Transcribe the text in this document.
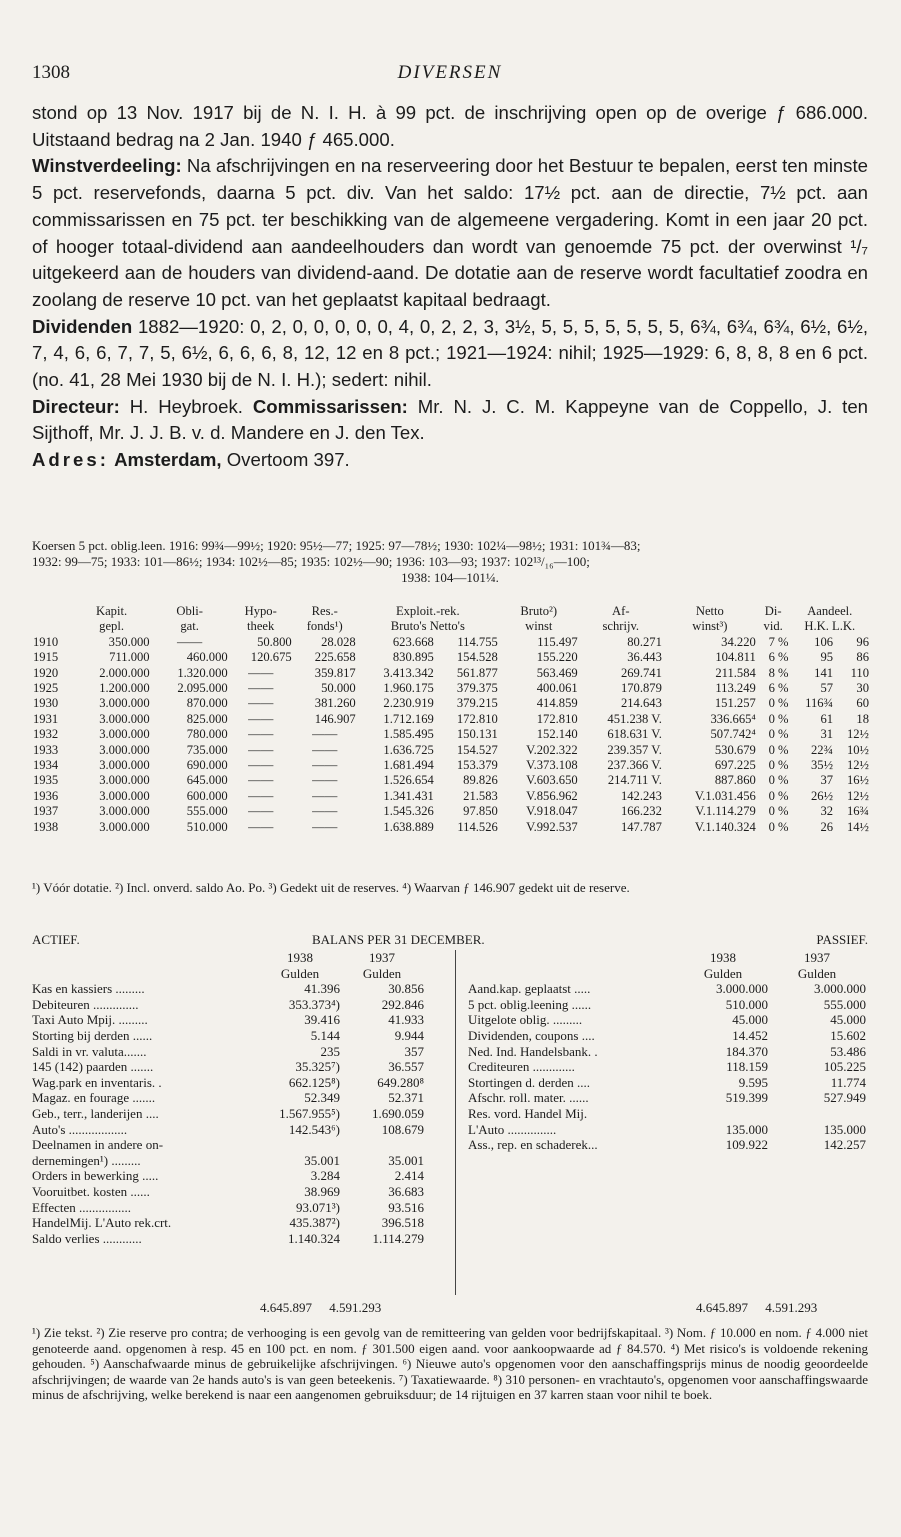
1308	DIVERSEN

stond op 13 Nov. 1917 bij de N. I. H. à 99 pct. de inschrijving open op de overige ƒ 686.000. Uitstaand bedrag na 2 Jan. 1940 ƒ 465.000.

Winstverdeeling: Na afschrijvingen en na reserveering door het Bestuur te bepalen, eerst ten minste 5 pct. reservefonds, daarna 5 pct. div. Van het saldo: 17½ pct. aan de directie, 7½ pct. aan commissarissen en 75 pct. ter beschikking van de algemeene vergadering. Komt in een jaar 20 pct. of hooger totaal-dividend aan aandeelhouders dan wordt van genoemde 75 pct. der overwinst ¹/₇ uitgekeerd aan de houders van dividend-aand. De dotatie aan de reserve wordt facultatief zoodra en zoolang de reserve 10 pct. van het geplaatst kapitaal bedraagt.

Dividenden 1882—1920: 0, 2, 0, 0, 0, 0, 0, 4, 0, 2, 2, 3, 3½, 5, 5, 5, 5, 5, 5, 5, 6¾, 6¾, 6¾, 6½, 6½, 7, 4, 6, 6, 7, 7, 5, 6½, 6, 6, 6, 8, 12, 12 en 8 pct.; 1921—1924: nihil; 1925—1929: 6, 8, 8, 8 en 6 pct. (no. 41, 28 Mei 1930 bij de N. I. H.); sedert: nihil.

Directeur: H. Heybroek. Commissarissen: Mr. N. J. C. M. Kappeyne van de Coppello, J. ten Sijthoff, Mr. J. J. B. v. d. Mandere en J. den Tex.

Adres: Amsterdam, Overtoom 397.

Koersen 5 pct. oblig.leen. 1916: 99¾—99½; 1920: 95½—77; 1925: 97—78½; 1930: 102¼—98½; 1931: 101¾—83;
1932: 99—75; 1933: 101—86½; 1934: 102½—85; 1935: 102½—90; 1936: 103—93; 1937: 102¹³/₁₆—100;
1938: 104—101¼.
	Kapit.	Obli-	Hypo-	Res.-	Exploit.-rek.		Bruto²)	Af-	Netto	Di-	Aandeel.	
	gepl.	gat.	theek	fonds¹)	Bruto's Netto's		winst	schrijv.	winst³)	vid.	H.K. L.K.	
1910	350.000	——	50.800	28.028	623.668	114.755	115.497	80.271	34.220	7 %	106	96
1915	711.000	460.000	120.675	225.658	830.895	154.528	155.220	36.443	104.811	6 %	95	86
1920	2.000.000	1.320.000	——	359.817	3.413.342	561.877	563.469	269.741	211.584	8 %	141	110
1925	1.200.000	2.095.000	——	50.000	1.960.175	379.375	400.061	170.879	113.249	6 %	57	30
1930	3.000.000	870.000	——	381.260	2.230.919	379.215	414.859	214.643	151.257	0 %	116¾	60
1931	3.000.000	825.000	——	146.907	1.712.169	172.810	172.810	451.238 V.	336.665⁴	0 %	61	18
1932	3.000.000	780.000	——	——	1.585.495	150.131	152.140	618.631 V.	507.742⁴	0 %	31	12½
1933	3.000.000	735.000	——	——	1.636.725	154.527	V.202.322	239.357 V.	530.679	0 %	22¾	10½
1934	3.000.000	690.000	——	——	1.681.494	153.379	V.373.108	237.366 V.	697.225	0 %	35½	12½
1935	3.000.000	645.000	——	——	1.526.654	89.826	V.603.650	214.711 V.	887.860	0 %	37	16½
1936	3.000.000	600.000	——	——	1.341.431	21.583	V.856.962	142.243	V.1.031.456	0 %	26½	12½
1937	3.000.000	555.000	——	——	1.545.326	97.850	V.918.047	166.232	V.1.114.279	0 %	32	16¾
1938	3.000.000	510.000	——	——	1.638.889	114.526	V.992.537	147.787	V.1.140.324	0 %	26	14½
¹) Vóór dotatie. ²) Incl. onverd. saldo Ao. Po. ³) Gedekt uit de reserves. ⁴) Waarvan ƒ 146.907 gedekt uit de reserve.
ACTIEF.	BALANS PER 31 DECEMBER.	PASSIEF.
	1938	1937
	Gulden	Gulden
Kas en kassiers .........	41.396	30.856
Debiteuren ..............	353.373⁴)	292.846
Taxi Auto Mpij. .........	39.416	41.933
Storting bij derden ......	5.144	9.944
Saldi in vr. valuta.......	235	357
145 (142) paarden .......	35.325⁷)	36.557
Wag.park en inventaris. .	662.125⁸)	649.280⁸
Magaz. en fourage .......	52.349	52.371
Geb., terr., landerijen ....	1.567.955⁵)	1.690.059
Auto's ..................	142.543⁶)	108.679
Deelnamen in andere on-		
dernemingen¹) .........	35.001	35.001
Orders in bewerking .....	3.284	2.414
Vooruitbet. kosten ......	38.969	36.683
Effecten ................	93.071³)	93.516
HandelMij. L'Auto rek.crt.	435.387²)	396.518
Saldo verlies ............	1.140.324	1.114.279
	1938	1937
	Gulden	Gulden
Aand.kap. geplaatst .....	3.000.000	3.000.000
5 pct. oblig.leening ......	510.000	555.000
Uitgelote oblig. .........	45.000	45.000
Dividenden, coupons ....	14.452	15.602
Ned. Ind. Handelsbank. .	184.370	53.486
Crediteuren .............	118.159	105.225
Stortingen d. derden ....	9.595	11.774
Afschr. roll. mater. ......	519.399	527.949
Res. vord. Handel Mij.		
L'Auto ...............	135.000	135.000
Ass., rep. en schaderek...	109.922	142.257
4.645.897 4.591.293	4.645.897 4.591.293
¹) Zie tekst. ²) Zie reserve pro contra; de verhooging is een gevolg van de remitteering van gelden voor bedrijfskapitaal. ³) Nom. ƒ 10.000 en nom. ƒ 4.000 niet genoteerde aand. opgenomen à resp. 45 en 100 pct. en nom. ƒ 301.500 eigen aand. voor aankoopwaarde ad ƒ 84.570. ⁴) Met risico's is voldoende rekening gehouden. ⁵) Aanschafwaarde minus de gebruikelijke afschrijvingen. ⁶) Nieuwe auto's opgenomen voor den aanschaffingsprijs minus de noodig geoordeelde afschrijvingen; de waarde van 2e hands auto's is van geen beteekenis. ⁷) Taxatiewaarde. ⁸) 310 personen- en vrachtauto's, opgenomen voor aanschaffingswaarde minus de afschrijving, welke berekend is naar een aangenomen gebruiksduur; de 14 rijtuigen en 37 karren staan voor nihil te boek.
